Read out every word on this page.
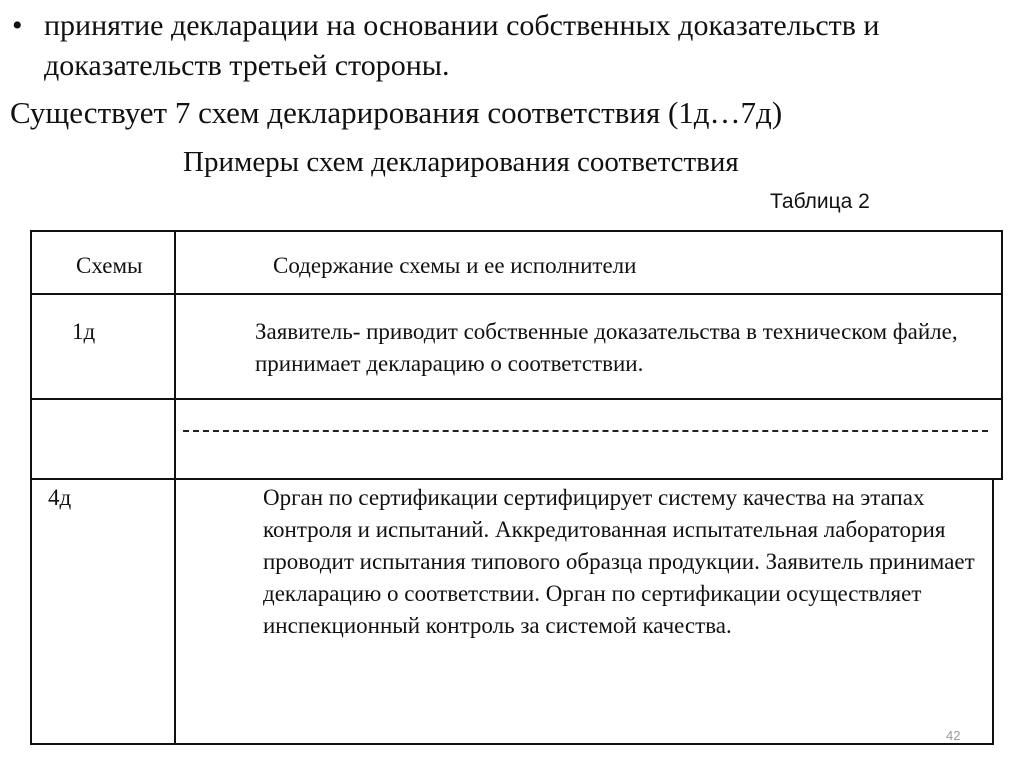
• принятие декларации на основании собственных доказательств и доказательств третьей стороны.
Существует 7 схем декларирования соответствия (1д…7д)
Примеры схем декларирования соответствия
Таблица 2
Схемы	Содержание схемы и ее исполнители
1д	Заявитель- приводит собственные доказательства в техническом файле, принимает декларацию о соответствии.
4д	Орган по сертификации сертифицирует систему качества на этапах контроля и испытаний. Аккредитованная испытательная лаборатория проводит испытания типового образца продукции. Заявитель принимает декларацию о соответствии. Орган по сертификации осуществляет инспекционный контроль за системой качества.
42
